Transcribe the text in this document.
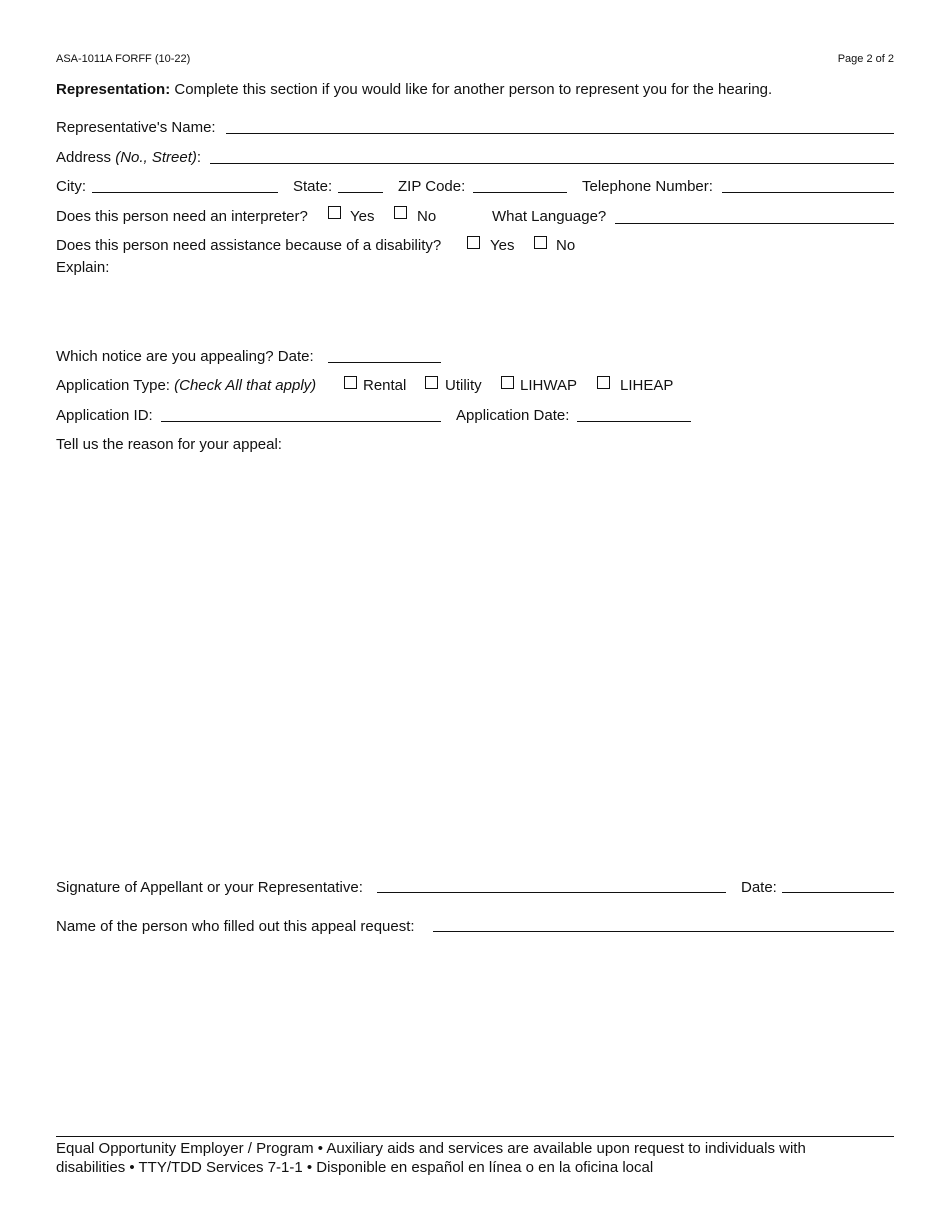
ASA-1011A FORFF (10-22)	Page 2 of 2
Representation: Complete this section if you would like for another person to represent you for the hearing.
Representative's Name:
Address (No., Street):
City:	State:	ZIP Code:	Telephone Number:
Does this person need an interpreter?	Yes	No	What Language?
Does this person need assistance because of a disability?	Yes	No
Explain:
Which notice are you appealing? Date:
Application Type: (Check All that apply)	Rental	Utility	LIHWAP	LIHEAP
Application ID:	Application Date:
Tell us the reason for your appeal:
Signature of Appellant or your Representative:	Date:
Name of the person who filled out this appeal request:
Equal Opportunity Employer / Program • Auxiliary aids and services are available upon request to individuals with
disabilities • TTY/TDD Services 7-1-1 • Disponible en español en línea o en la oficina local
